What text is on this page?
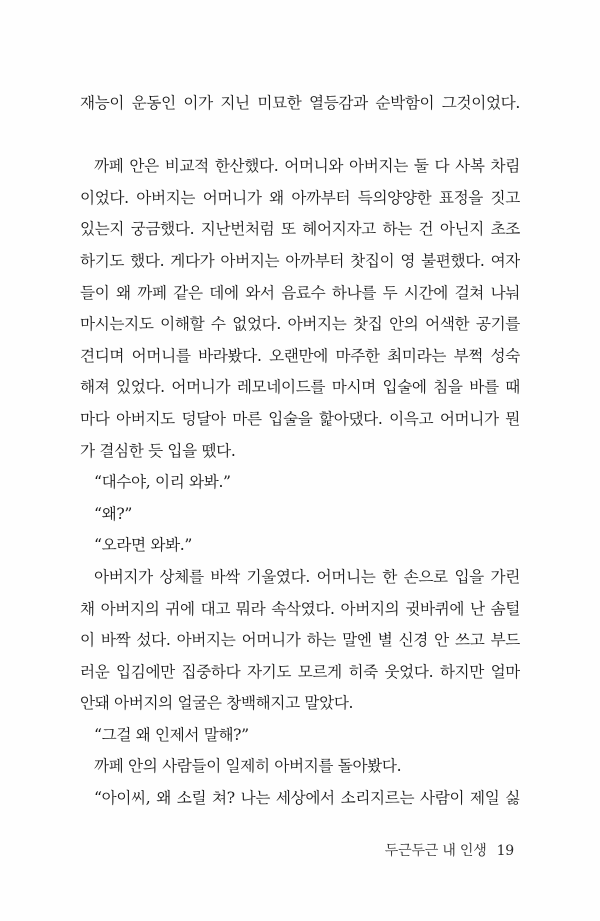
재능이 운동인 이가 지닌 미묘한 열등감과 순박함이 그것이었다.

까페 안은 비교적 한산했다. 어머니와 아버지는 둘 다 사복 차림

이었다. 아버지는 어머니가 왜 아까부터 득의양양한 표정을 짓고

있는지 궁금했다. 지난번처럼 또 헤어지자고 하는 건 아닌지 초조

하기도 했다. 게다가 아버지는 아까부터 찻집이 영 불편했다. 여자

들이 왜 까페 같은 데에 와서 음료수 하나를 두 시간에 걸쳐 나눠

마시는지도 이해할 수 없었다. 아버지는 찻집 안의 어색한 공기를

견디며 어머니를 바라봤다. 오랜만에 마주한 최미라는 부쩍 성숙

해져 있었다. 어머니가 레모네이드를 마시며 입술에 침을 바를 때

마다 아버지도 덩달아 마른 입술을 핥아댔다. 이윽고 어머니가 뭔

가 결심한 듯 입을 뗐다.

“대수야, 이리 와봐.”

“왜?”

“오라면 와봐.”

아버지가 상체를 바싹 기울였다. 어머니는 한 손으로 입을 가린

채 아버지의 귀에 대고 뭐라 속삭였다. 아버지의 귓바퀴에 난 솜털

이 바짝 섰다. 아버지는 어머니가 하는 말엔 별 신경 안 쓰고 부드

러운 입김에만 집중하다 자기도 모르게 히죽 웃었다. 하지만 얼마

안돼 아버지의 얼굴은 창백해지고 말았다.

“그걸 왜 인제서 말해?”

까페 안의 사람들이 일제히 아버지를 돌아봤다.

“아이씨, 왜 소릴 쳐? 나는 세상에서 소리지르는 사람이 제일 싫

두근두근 내 인생 19
